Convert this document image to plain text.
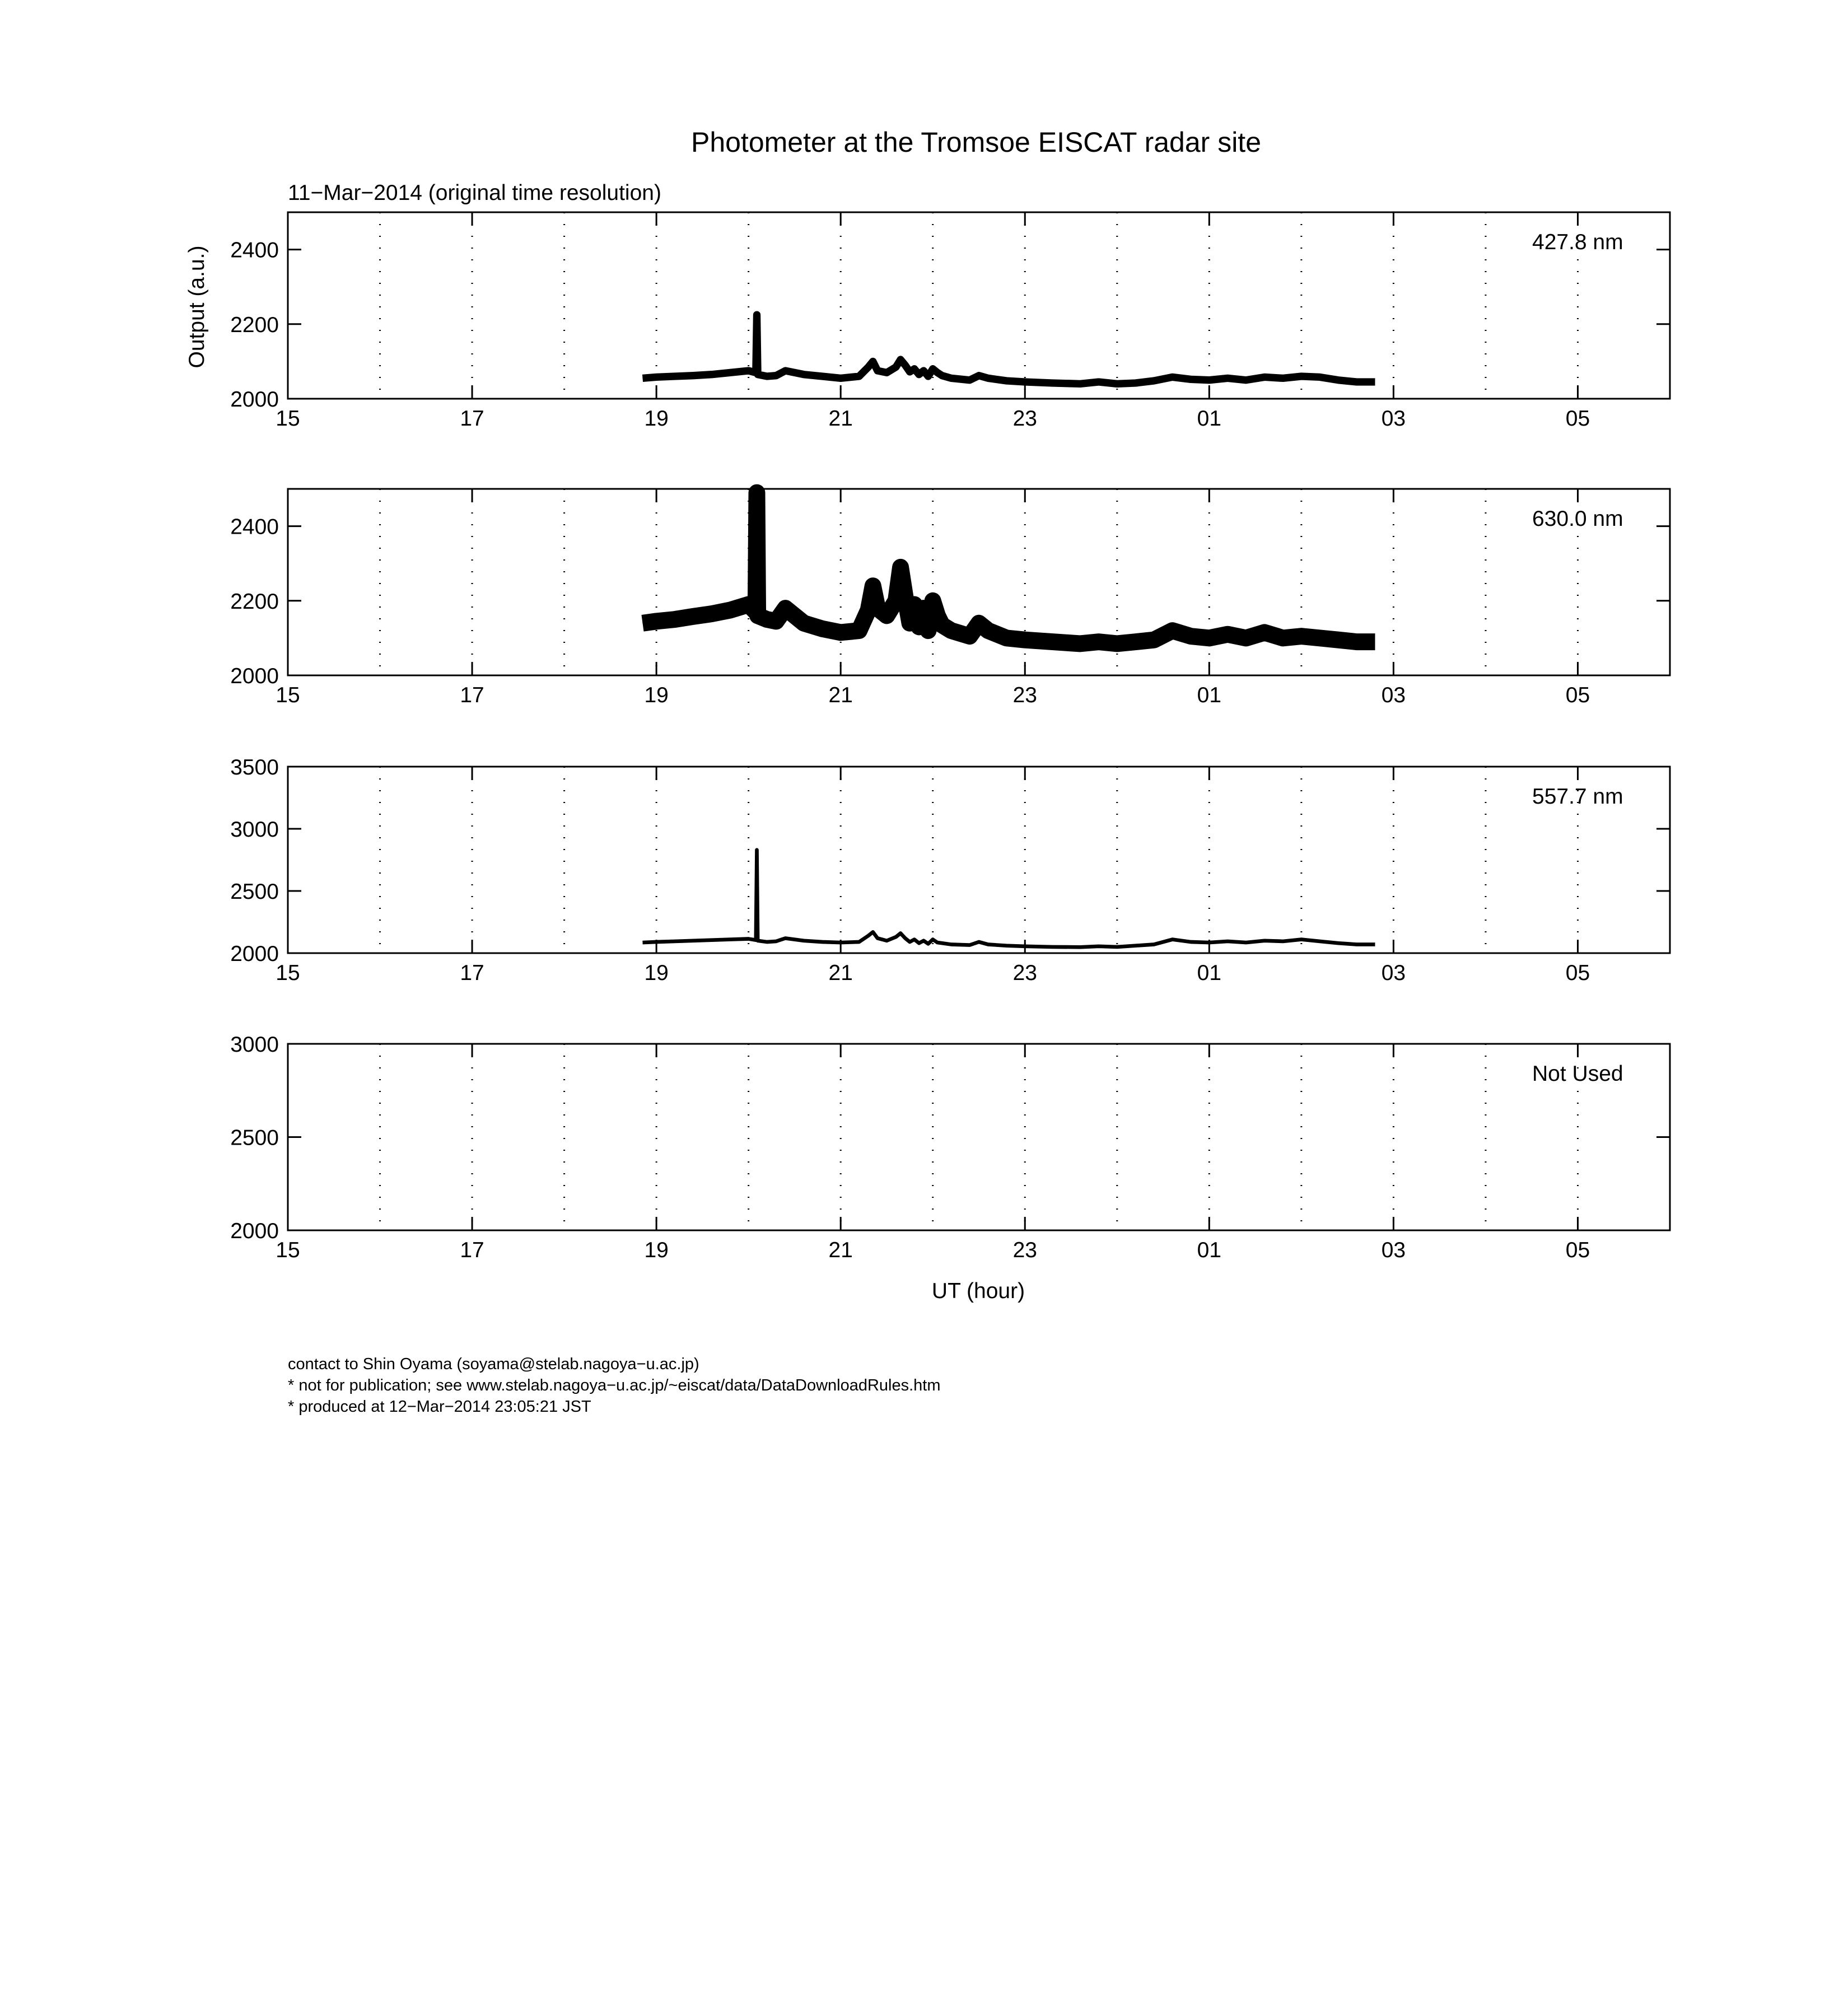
Photometer at the Tromsoe EISCAT radar site
11−Mar−2014 (original time resolution)
Output (a.u.)
UT (hour)
2000
2200
2400
15	17	19	21	23	01	03	05
427.8 nm
2000
2200
2400
15	17	19	21	23	01	03	05
630.0 nm
2000
2500
3000
3500
15	17	19	21	23	01	03	05
557.7 nm
2000
2500
3000
15	17	19	21	23	01	03	05
Not Used
contact to Shin Oyama (soyama@stelab.nagoya−u.ac.jp)
* not for publication; see www.stelab.nagoya−u.ac.jp/~eiscat/data/DataDownloadRules.htm
* produced at 12−Mar−2014 23:05:21 JST
